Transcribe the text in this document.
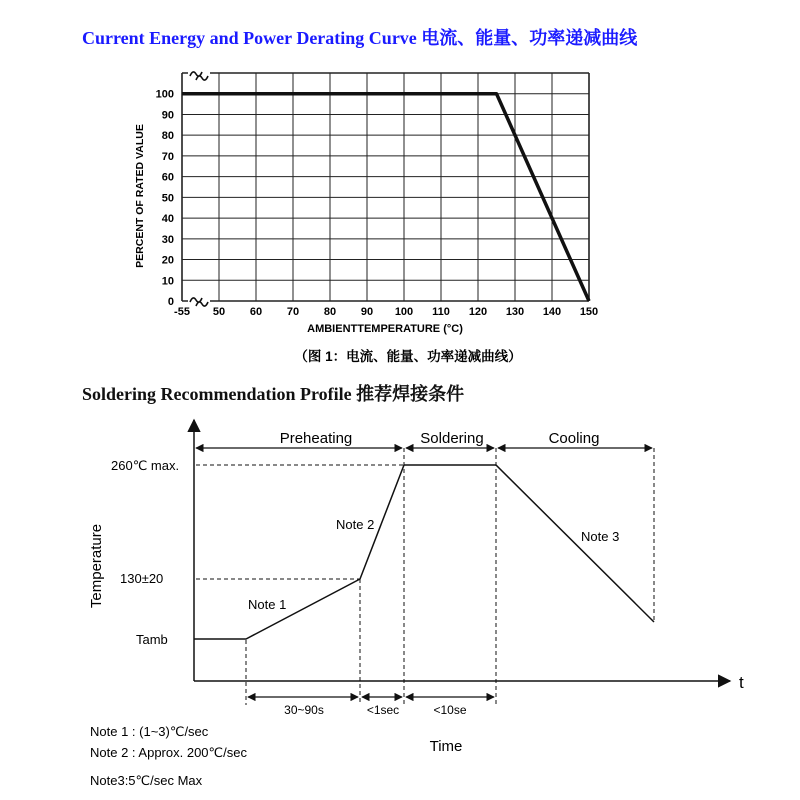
Current Energy and Power Derating Curve 电流、能量、功率递减曲线
Soldering Recommendation Profile 推荐焊接条件
-55 50 60 70 80 90 100 110 120 130 140 150
0
10
20
30
40
50
60
70
80
90
100
AMBIENTTEMPERATURE (°C)
PERCENT OF RATED VALUE
（图 1：电流、能量、功率递减曲线）
Temperature
Time
t
260℃ max.
130±20
Tamb
Preheating	Soldering	Cooling
Note 1
Note 2
Note 3
30~90s	<1sec	<10se
Note 1 : (1~3)℃/sec
Note 2 : Approx. 200℃/sec
Note3:5℃/sec Max
